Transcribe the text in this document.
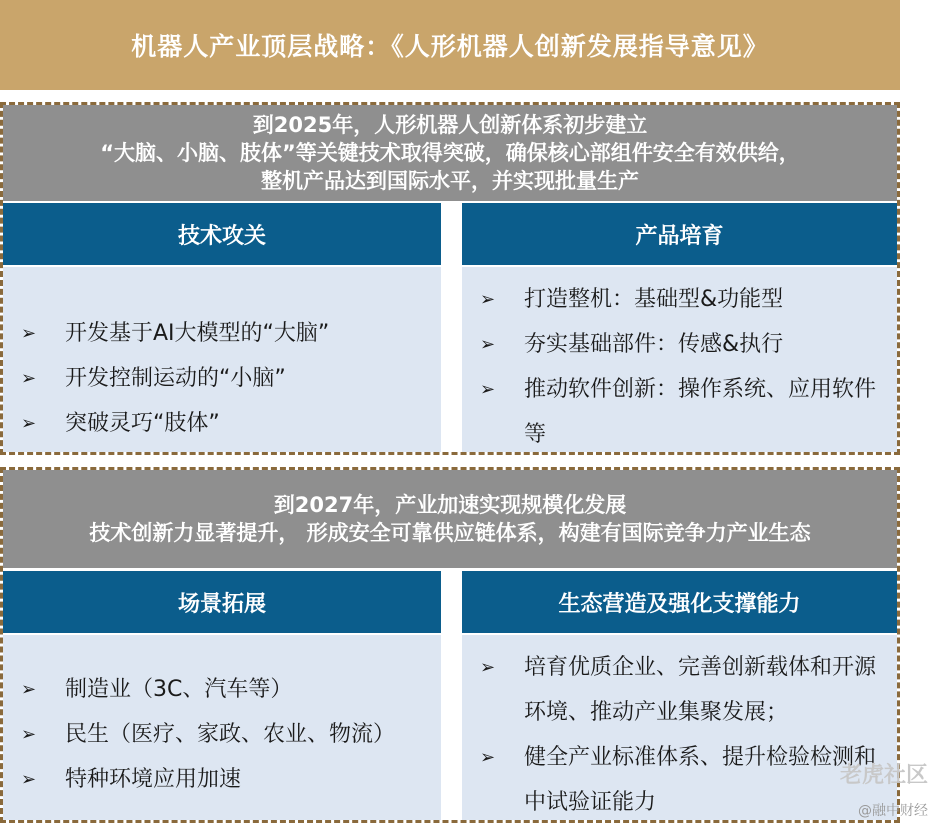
机器人产业顶层战略：《人形机器人创新发展指导意见》
到2025年，人形机器人创新体系初步建立
“大脑、小脑、肢体”等关键技术取得突破，确保核心部组件安全有效供给，
整机产品达到国际水平，并实现批量生产
技术攻关
➢ 开发基于AI大模型的“大脑”
➢ 开发控制运动的“小脑”
➢ 突破灵巧“肢体”
产品培育
➢ 打造整机：基础型&功能型
➢ 夯实基础部件：传感&执行
➢ 推动软件创新：操作系统、应用软件等
到2027年，产业加速实现规模化发展
技术创新力显著提升， 形成安全可靠供应链体系，构建有国际竞争力产业生态
场景拓展
➢ 制造业（3C、汽车等）
➢ 民生（医疗、家政、农业、物流）
➢ 特种环境应用加速
生态营造及强化支撑能力
➢ 培育优质企业、完善创新载体和开源环境、推动产业集聚发展；
➢ 健全产业标准体系、提升检验检测和中试验证能力
老虎社区
@融中财经
